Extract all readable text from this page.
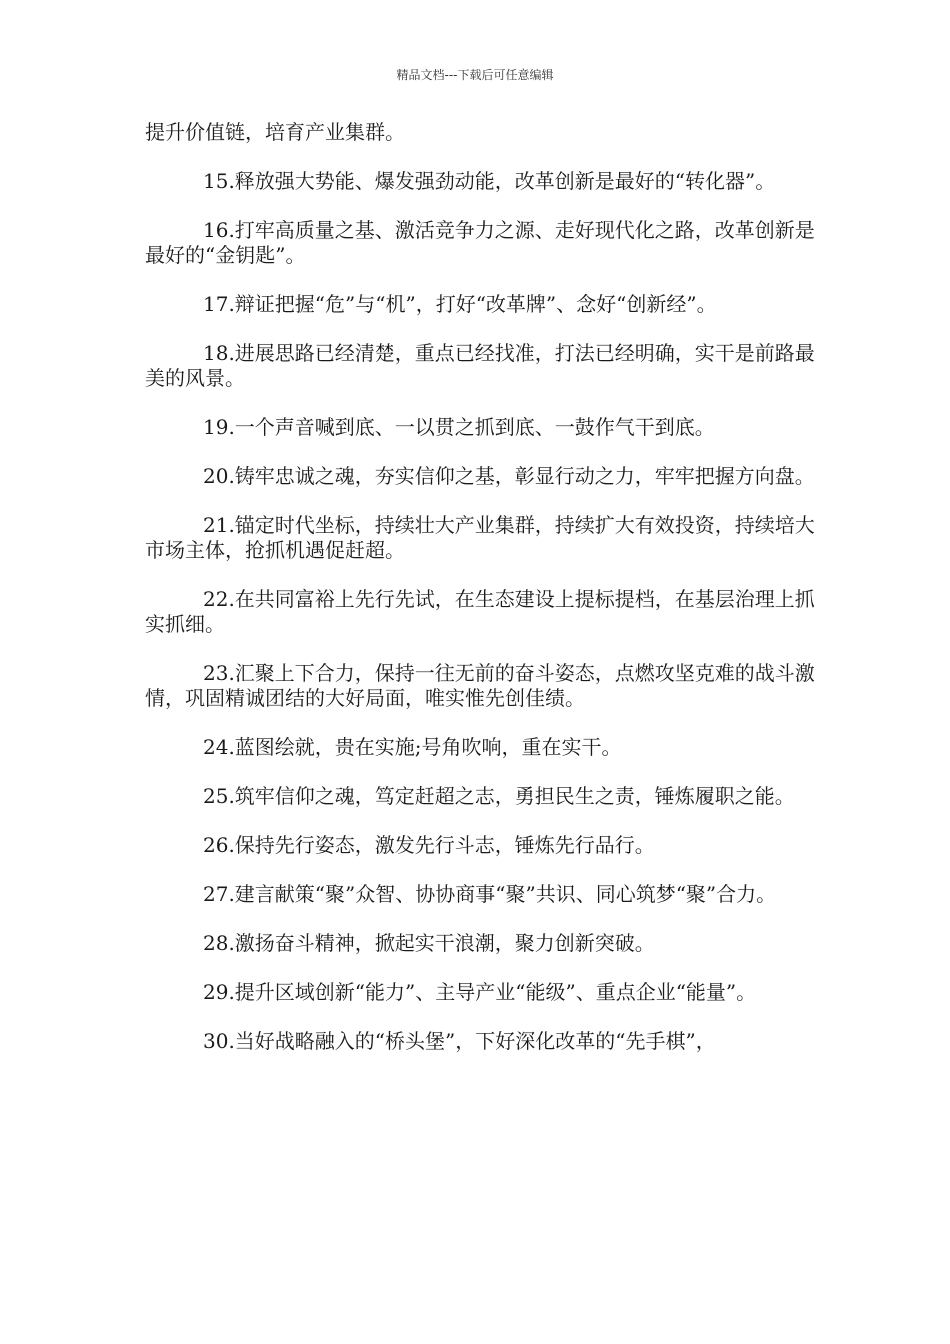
精品文档---下载后可任意编辑

提升价值链，培育产业集群。

15.释放强大势能、爆发强劲动能，改革创新是最好的“转化器”。

16.打牢高质量之基、激活竞争力之源、走好现代化之路，改革创新是最好的“金钥匙”。

17.辩证把握“危”与“机”，打好“改革牌”、念好“创新经”。

18.进展思路已经清楚，重点已经找准，打法已经明确，实干是前路最美的风景。

19.一个声音喊到底、一以贯之抓到底、一鼓作气干到底。

20.铸牢忠诚之魂，夯实信仰之基，彰显行动之力，牢牢把握方向盘。

21.锚定时代坐标，持续壮大产业集群，持续扩大有效投资，持续培大市场主体，抢抓机遇促赶超。

22.在共同富裕上先行先试，在生态建设上提标提档，在基层治理上抓实抓细。

23.汇聚上下合力，保持一往无前的奋斗姿态，点燃攻坚克难的战斗激情，巩固精诚团结的大好局面，唯实惟先创佳绩。

24.蓝图绘就，贵在实施;号角吹响，重在实干。

25.筑牢信仰之魂，笃定赶超之志，勇担民生之责，锤炼履职之能。

26.保持先行姿态，激发先行斗志，锤炼先行品行。

27.建言献策“聚”众智、协协商事“聚”共识、同心筑梦“聚”合力。

28.激扬奋斗精神，掀起实干浪潮，聚力创新突破。

29.提升区域创新“能力”、主导产业“能级”、重点企业“能量”。

30.当好战略融入的“桥头堡”，下好深化改革的“先手棋”，
